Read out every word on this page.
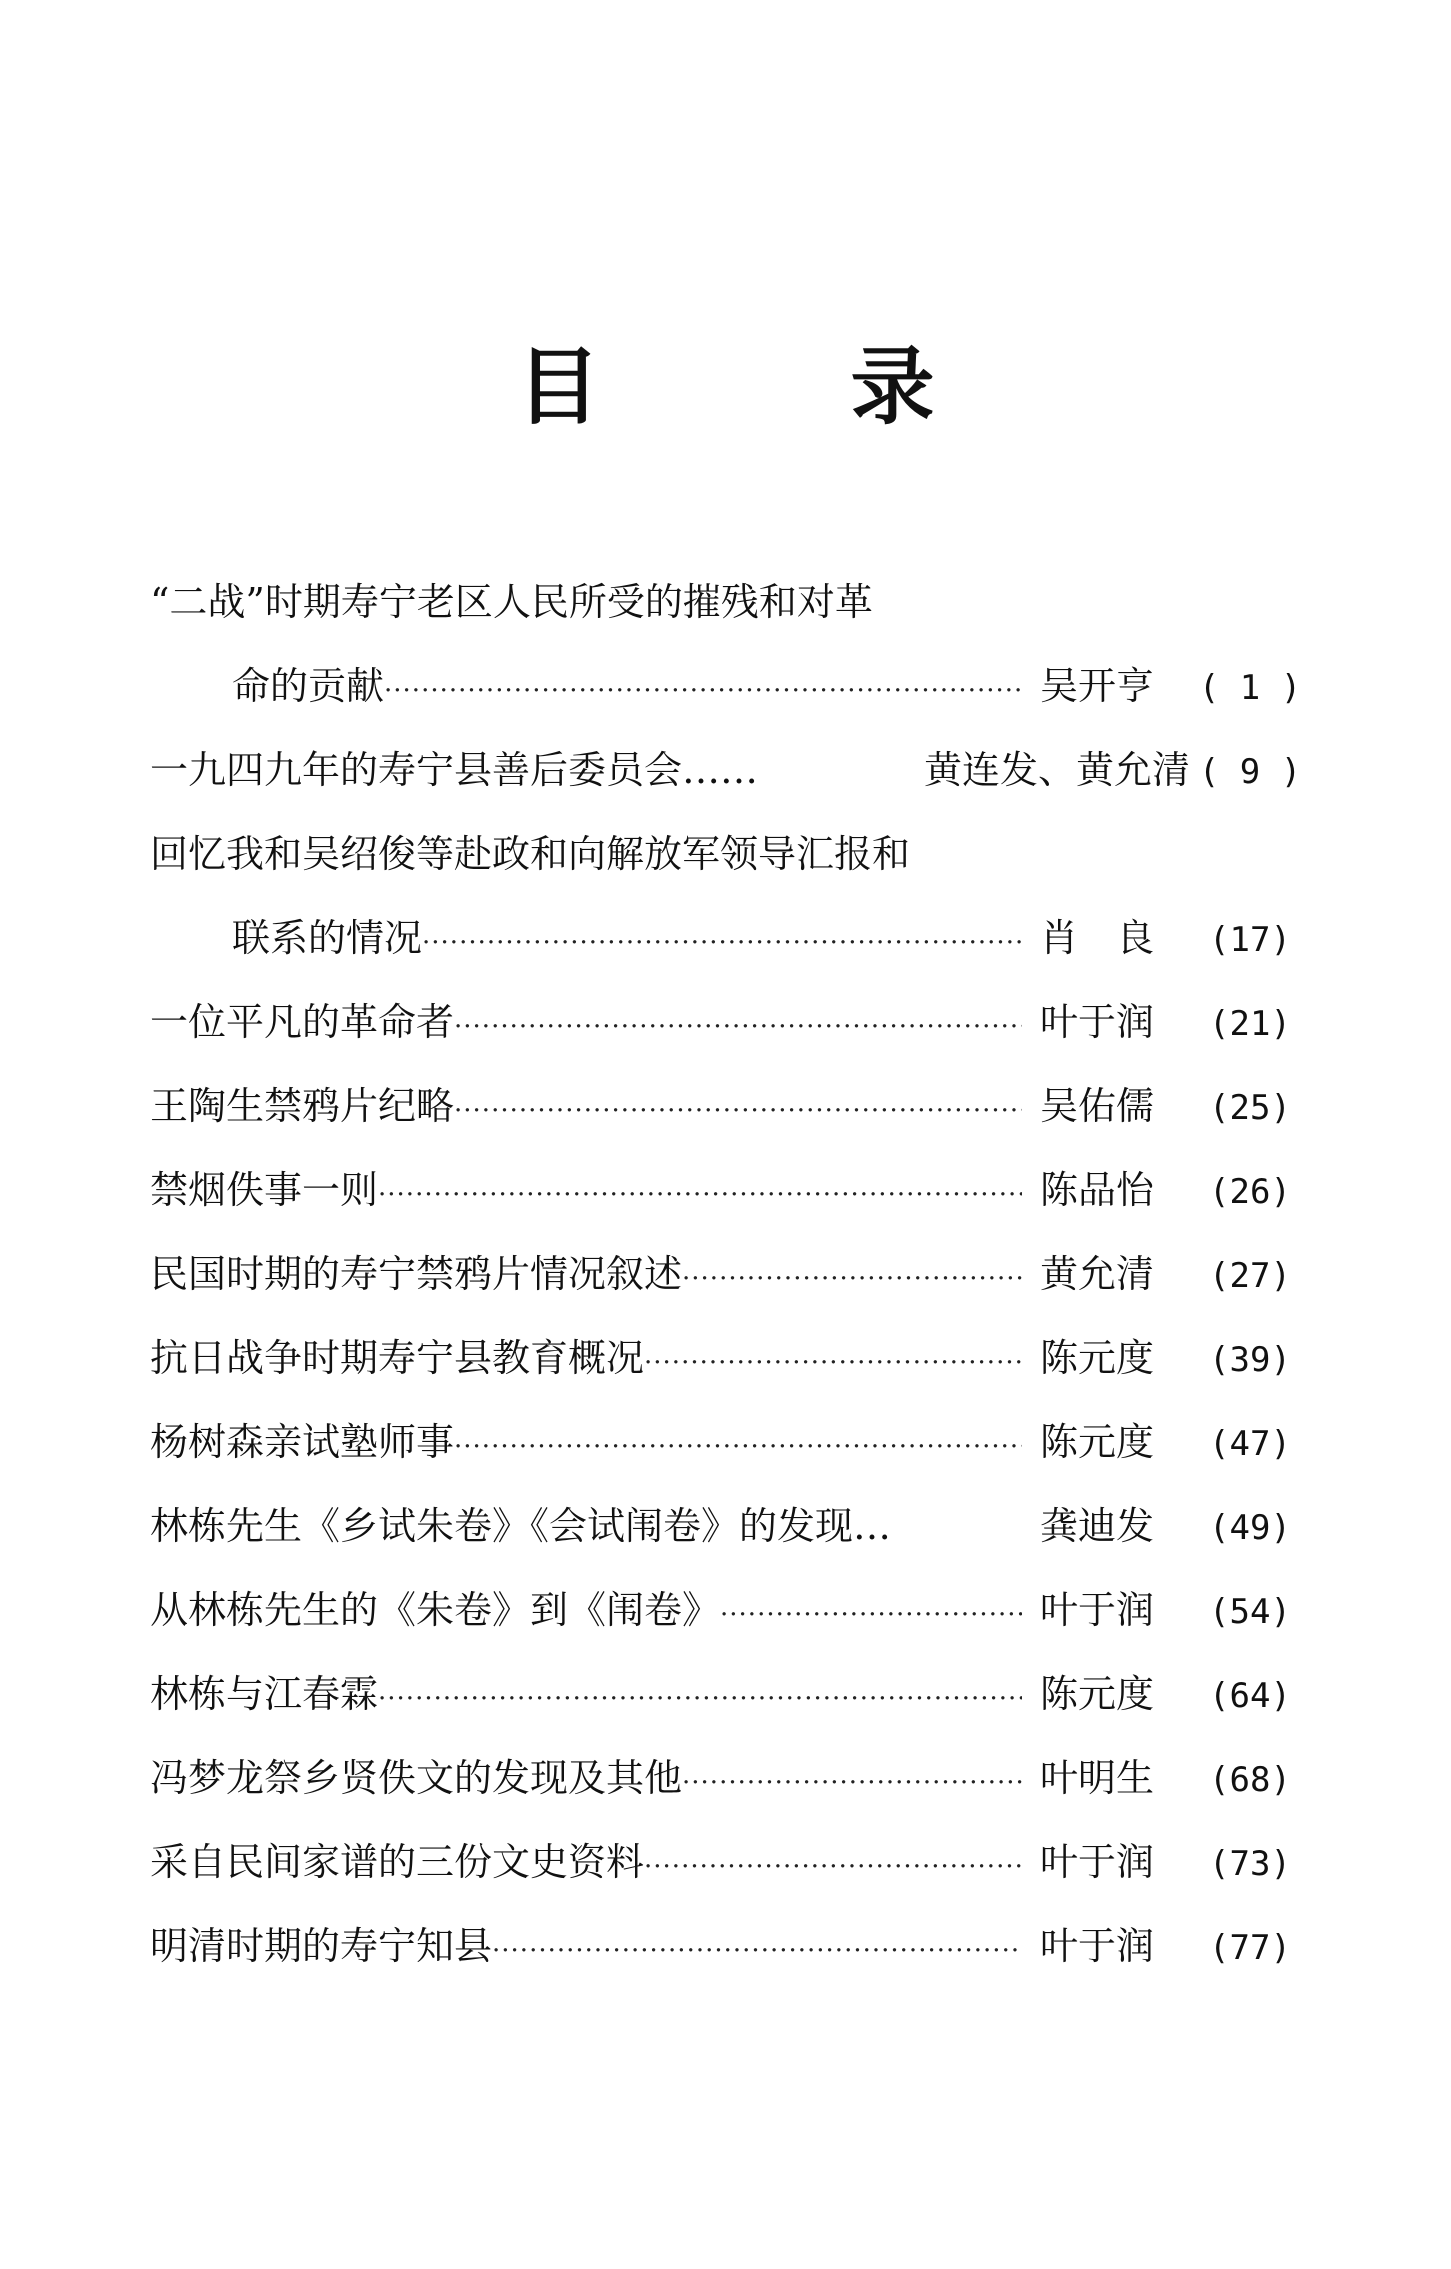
目	录
“二战”时期寿宁老区人民所受的摧残和对革
命的贡献 ·····	吴开亨	( 1 )
一九四九年的寿宁县善后委员会……	黄连发、黄允清 ( 9 )
回忆我和吴绍俊等赴政和向解放军领导汇报和
联系的情况 ·····	肖　良	(17)
一位平凡的革命者 ·····	叶于润	(21)
王陶生禁鸦片纪略 ·····	吴佑儒	(25)
禁烟佚事一则 ·····	陈品怡	(26)
民国时期的寿宁禁鸦片情况叙述 ·····	黄允清	(27)
抗日战争时期寿宁县教育概况 ·····	陈元度	(39)
杨树森亲试塾师事 ·····	陈元度	(47)
林栋先生《乡试朱卷》《会试闱卷》的发现…	龚迪发	(49)
从林栋先生的《朱卷》到《闱卷》 ·····	叶于润	(54)
林栋与江春霖 ·····	陈元度	(64)
冯梦龙祭乡贤佚文的发现及其他 ·····	叶明生	(68)
采自民间家谱的三份文史资料 ·····	叶于润	(73)
明清时期的寿宁知县 ·····	叶于润	(77)
